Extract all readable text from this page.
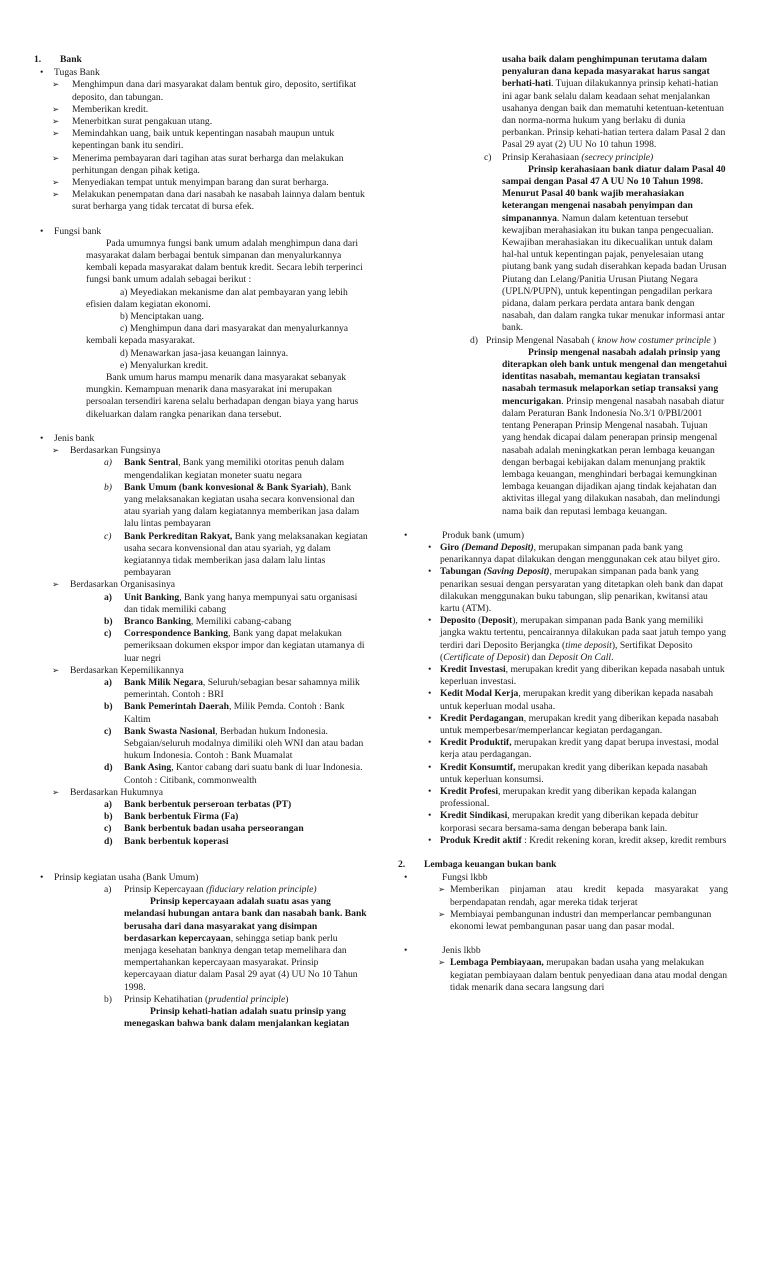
1. Bank

• Tugas Bank

➢ Menghimpun dana dari masyarakat dalam bentuk giro, deposito, sertifikat deposito, dan tabungan.

➢ Memberikan kredit.

➢ Menerbitkan surat pengakuan utang.

➢ Memindahkan uang, baik untuk kepentingan nasabah maupun untuk kepentingan bank itu sendiri.

➢ Menerima pembayaran dari tagihan atas surat berharga dan melakukan perhitungan dengan pihak ketiga.

➢ Menyediakan tempat untuk menyimpan barang dan surat berharga.

➢ Melakukan penempatan dana dari nasabah ke nasabah lainnya dalam bentuk surat berharga yang tidak tercatat di bursa efek.

• Fungsi bank

Pada umumnya fungsi bank umum adalah menghimpun dana dari masyarakat dalam berbagai bentuk simpanan dan menyalurkannya kembali kepada masyarakat dalam bentuk kredit. Secara lebih terperinci fungsi bank umum adalah sebagai berikut :

a) Meyediakan mekanisme dan alat pembayaran yang lebih efisien dalam kegiatan ekonomi.

b) Menciptakan uang.

c) Menghimpun dana dari masyarakat dan menyalurkannya kembali kepada masyarakat.

d) Menawarkan jasa-jasa keuangan lainnya.

e) Menyalurkan kredit.

Bank umum harus mampu menarik dana masyarakat sebanyak mungkin. Kemampuan menarik dana masyarakat ini merupakan persoalan tersendiri karena selalu berhadapan dengan biaya yang harus dikeluarkan dalam rangka penarikan dana tersebut.

• Jenis bank

➢ Berdasarkan Fungsinya

a) Bank Sentral, Bank yang memiliki otoritas penuh dalam mengendalikan kegiatan moneter suatu negara

b) Bank Umum (bank konvesional & Bank Syariah), Bank yang melaksanakan kegiatan usaha secara konvensional dan atau syariah yang dalam kegiatannya memberikan jasa dalam lalu lintas pembayaran

c) Bank Perkreditan Rakyat, Bank yang melaksanakan kegiatan usaha secara konvensional dan atau syariah, yg dalam kegiatannya tidak memberikan jasa dalam lalu lintas pembayaran

➢ Berdasarkan Organisasinya

a) Unit Banking, Bank yang hanya mempunyai satu organisasi dan tidak memiliki cabang

b) Branco Banking, Memiliki cabang-cabang

c) Correspondence Banking, Bank yang dapat melakukan pemeriksaan dokumen ekspor impor dan kegiatan utamanya di luar negri

➢ Berdasarkan Kepemilikannya

a) Bank Milik Negara, Seluruh/sebagian besar sahamnya milik pemerintah. Contoh : BRI

b) Bank Pemerintah Daerah, Milik Pemda. Contoh : Bank Kaltim

c) Bank Swasta Nasional, Berbadan hukum Indonesia. Sebgaian/seluruh modalnya dimiliki oleh WNI dan atau badan hukum Indonesia. Contoh : Bank Muamalat

d) Bank Asing, Kantor cabang dari suatu bank di luar Indonesia. Contoh : Citibank, commonwealth

➢ Berdasarkan Hukumnya

a) Bank berbentuk perseroan terbatas (PT)

b) Bank berbentuk Firma (Fa)

c) Bank berbentuk badan usaha perseorangan

d) Bank berbentuk koperasi

• Prinsip kegiatan usaha (Bank Umum)

a) Prinsip Kepercayaan (fiduciary relation principle)

Prinsip kepercayaan adalah suatu asas yang melandasi hubungan antara bank dan nasabah bank. Bank berusaha dari dana masyarakat yang disimpan berdasarkan kepercayaan, sehingga setiap bank perlu menjaga kesehatan banknya dengan tetap memelihara dan mempertahankan kepercayaan masyarakat. Prinsip kepercayaan diatur dalam Pasal 29 ayat (4) UU No 10 Tahun 1998.

b) Prinsip Kehatihatian (prudential principle)

Prinsip kehati-hatian adalah suatu prinsip yang menegaskan bahwa bank dalam menjalankan kegiatan

usaha baik dalam penghimpunan terutama dalam penyaluran dana kepada masyarakat harus sangat berhati-hati. Tujuan dilakukannya prinsip kehati-hatian ini agar bank selalu dalam keadaan sehat menjalankan usahanya dengan baik dan mematuhi ketentuan-ketentuan dan norma-norma hukum yang berlaku di dunia perbankan. Prinsip kehati-hatian tertera dalam Pasal 2 dan Pasal 29 ayat (2) UU No 10 tahun 1998.

c) Prinsip Kerahasiaan (secrecy principle)

Prinsip kerahasiaan bank diatur dalam Pasal 40 sampai dengan Pasal 47 A UU No 10 Tahun 1998. Menurut Pasal 40 bank wajib merahasiakan keterangan mengenai nasabah penyimpan dan simpanannya. Namun dalam ketentuan tersebut kewajiban merahasiakan itu bukan tanpa pengecualian. Kewajiban merahasiakan itu dikecualikan untuk dalam hal-hal untuk kepentingan pajak, penyelesaian utang piutang bank yang sudah diserahkan kepada badan Urusan Piutang dan Lelang/Panitia Urusan Piutang Negara (UPLN/PUPN), untuk kepentingan pengadilan perkara pidana, dalam perkara perdata antara bank dengan nasabah, dan dalam rangka tukar menukar informasi antar bank.

d) Prinsip Mengenal Nasabah ( know how costumer principle )

Prinsip mengenal nasabah adalah prinsip yang diterapkan oleh bank untuk mengenal dan mengetahui identitas nasabah, memantau kegiatan transaksi nasabah termasuk melaporkan setiap transaksi yang mencurigakan. Prinsip mengenal nasabah nasabah diatur dalam Peraturan Bank Indonesia No.3/1 0/PBI/2001 tentang Penerapan Prinsip Mengenal nasabah. Tujuan yang hendak dicapai dalam penerapan prinsip mengenal nasabah adalah meningkatkan peran lembaga keuangan dengan berbagai kebijakan dalam menunjang praktik lembaga keuangan, menghindari berbagai kemungkinan lembaga keuangan dijadikan ajang tindak kejahatan dan aktivitas illegal yang dilakukan nasabah, dan melindungi nama baik dan reputasi lembaga keuangan.

• Produk bank (umum)

• Giro (Demand Deposit), merupakan simpanan pada bank yang penarikannya dapat dilakukan dengan menggunakan cek atau bilyet giro.

• Tabungan (Saving Deposit), merupakan simpanan pada bank yang penarikan sesuai dengan persyaratan yang ditetapkan oleh bank dan dapat dilakukan menggunakan buku tabungan, slip penarikan, kwitansi atau kartu (ATM).

• Deposito (Deposit), merupakan simpanan pada Bank yang memiliki jangka waktu tertentu, pencairannya dilakukan pada saat jatuh tempo yang terdiri dari Deposito Berjangka (time deposit), Sertifikat Deposito (Certificate of Deposit) dan Deposit On Call.

• Kredit Investasi, merupakan kredit yang diberikan kepada nasabah untuk keperluan investasi.

• Kedit Modal Kerja, merupakan kredit yang diberikan kepada nasabah untuk keperluan modal usaha.

• Kredit Perdagangan, merupakan kredit yang diberikan kepada nasabah untuk memperbesar/memperlancar kegiatan perdagangan.

• Kredit Produktif, merupakan kredit yang dapat berupa investasi, modal kerja atau perdagangan.

• Kredit Konsumtif, merupakan kredit yang diberikan kepada nasabah untuk keperluan konsumsi.

• Kredit Profesi, merupakan kredit yang diberikan kepada kalangan professional.

• Kredit Sindikasi, merupakan kredit yang diberikan kepada debitur korporasi secara bersama-sama dengan beberapa bank lain.

• Produk Kredit aktif : Kredit rekening koran, kredit aksep, kredit remburs

2. Lembaga keuangan bukan bank

• Fungsi lkbb

➢ Memberikan pinjaman atau kredit kepada masyarakat yang berpendapatan rendah, agar mereka tidak terjerat

➢ Membiayai pembangunan industri dan memperlancar pembangunan ekonomi lewat pembangunan pasar uang dan pasar modal.

• Jenis lkbb

➢ Lembaga Pembiayaan, merupakan badan usaha yang melakukan kegiatan pembiayaan dalam bentuk penyediaan dana atau modal dengan tidak menarik dana secara langsung dari
